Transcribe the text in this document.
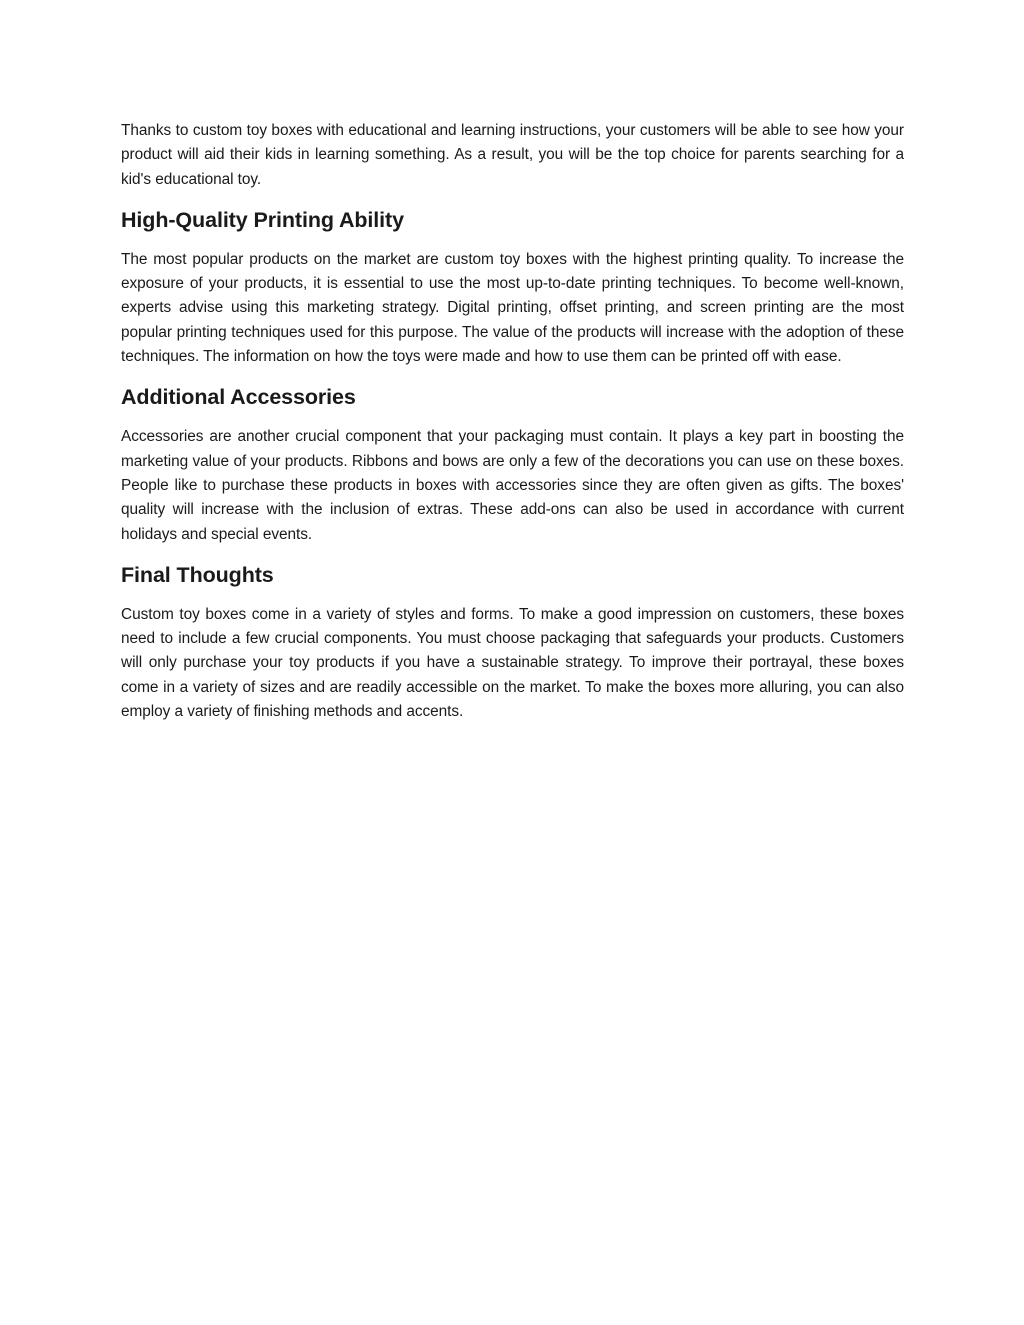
Thanks to custom toy boxes with educational and learning instructions, your customers will be able to see how your product will aid their kids in learning something. As a result, you will be the top choice for parents searching for a kid's educational toy.

High-Quality Printing Ability

The most popular products on the market are custom toy boxes with the highest printing quality. To increase the exposure of your products, it is essential to use the most up-to-date printing techniques. To become well-known, experts advise using this marketing strategy. Digital printing, offset printing, and screen printing are the most popular printing techniques used for this purpose. The value of the products will increase with the adoption of these techniques. The information on how the toys were made and how to use them can be printed off with ease.

Additional Accessories

Accessories are another crucial component that your packaging must contain. It plays a key part in boosting the marketing value of your products. Ribbons and bows are only a few of the decorations you can use on these boxes. People like to purchase these products in boxes with accessories since they are often given as gifts. The boxes' quality will increase with the inclusion of extras. These add-ons can also be used in accordance with current holidays and special events.

Final Thoughts

Custom toy boxes come in a variety of styles and forms. To make a good impression on customers, these boxes need to include a few crucial components. You must choose packaging that safeguards your products. Customers will only purchase your toy products if you have a sustainable strategy. To improve their portrayal, these boxes come in a variety of sizes and are readily accessible on the market. To make the boxes more alluring, you can also employ a variety of finishing methods and accents.
